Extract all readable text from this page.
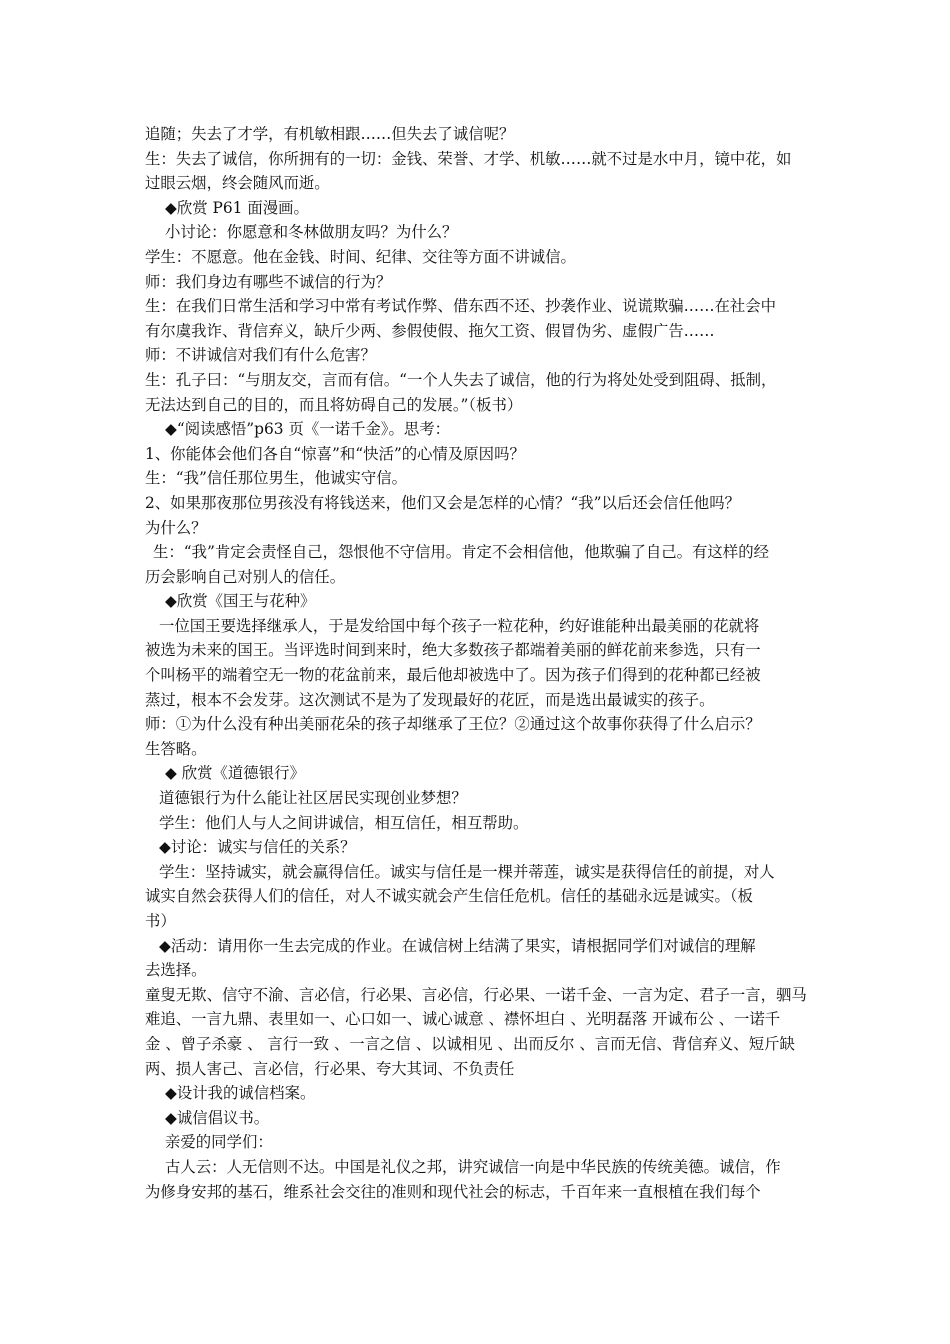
追随；失去了才学，有机敏相跟……但失去了诚信呢？
生：失去了诚信，你所拥有的一切：金钱、荣誉、才学、机敏……就不过是水中月，镜中花，如
过眼云烟，终会随风而逝。
◆欣赏 P61 面漫画。
小讨论：你愿意和冬林做朋友吗？为什么？
学生：不愿意。他在金钱、时间、纪律、交往等方面不讲诚信。
师：我们身边有哪些不诚信的行为？
生：在我们日常生活和学习中常有考试作弊、借东西不还、抄袭作业、说谎欺骗……在社会中
有尔虞我诈、背信弃义，缺斤少两、参假使假、拖欠工资、假冒伪劣、虚假广告……
师：不讲诚信对我们有什么危害？
生：孔子曰：“与朋友交，言而有信。“一个人失去了诚信，他的行为将处处受到阻碍、抵制，
无法达到自己的目的，而且将妨碍自己的发展。”（板书）
◆“阅读感悟”p63 页《一诺千金》。思考：
1、你能体会他们各自“惊喜”和“快活”的心情及原因吗？
生：“我”信任那位男生，他诚实守信。
2、如果那夜那位男孩没有将钱送来，他们又会是怎样的心情？“我”以后还会信任他吗？
为什么？
生：“我”肯定会责怪自己，怨恨他不守信用。肯定不会相信他，他欺骗了自己。有这样的经
历会影响自己对别人的信任。
◆欣赏《国王与花种》
一位国王要选择继承人，于是发给国中每个孩子一粒花种，约好谁能种出最美丽的花就将
被选为未来的国王。当评选时间到来时，绝大多数孩子都端着美丽的鲜花前来参选，只有一
个叫杨平的端着空无一物的花盆前来，最后他却被选中了。因为孩子们得到的花种都已经被
蒸过，根本不会发芽。这次测试不是为了发现最好的花匠，而是选出最诚实的孩子。
师：①为什么没有种出美丽花朵的孩子却继承了王位？②通过这个故事你获得了什么启示？
生答略。
◆ 欣赏《道德银行》
道德银行为什么能让社区居民实现创业梦想？
学生：他们人与人之间讲诚信，相互信任，相互帮助。
◆讨论：诚实与信任的关系？
学生：坚持诚实，就会赢得信任。诚实与信任是一棵并蒂莲，诚实是获得信任的前提，对人
诚实自然会获得人们的信任，对人不诚实就会产生信任危机。信任的基础永远是诚实。（板
书）
◆活动：请用你一生去完成的作业。在诚信树上结满了果实，请根据同学们对诚信的理解
去选择。
童叟无欺、信守不渝、言必信，行必果、言必信，行必果、一诺千金、一言为定、君子一言，驷马
难追、一言九鼎、表里如一、心口如一、诚心诚意 、襟怀坦白 、光明磊落 开诚布公 、一诺千
金 、曾子杀豪 、 言行一致 、一言之信 、以诚相见 、出而反尔 、言而无信、背信弃义、短斤缺
两、损人害己、言必信，行必果、夸大其词、不负责任
◆设计我的诚信档案。
◆诚信倡议书。
亲爱的同学们：
古人云：人无信则不达。中国是礼仪之邦，讲究诚信一向是中华民族的传统美德。诚信，作
为修身安邦的基石，维系社会交往的准则和现代社会的标志，千百年来一直根植在我们每个
